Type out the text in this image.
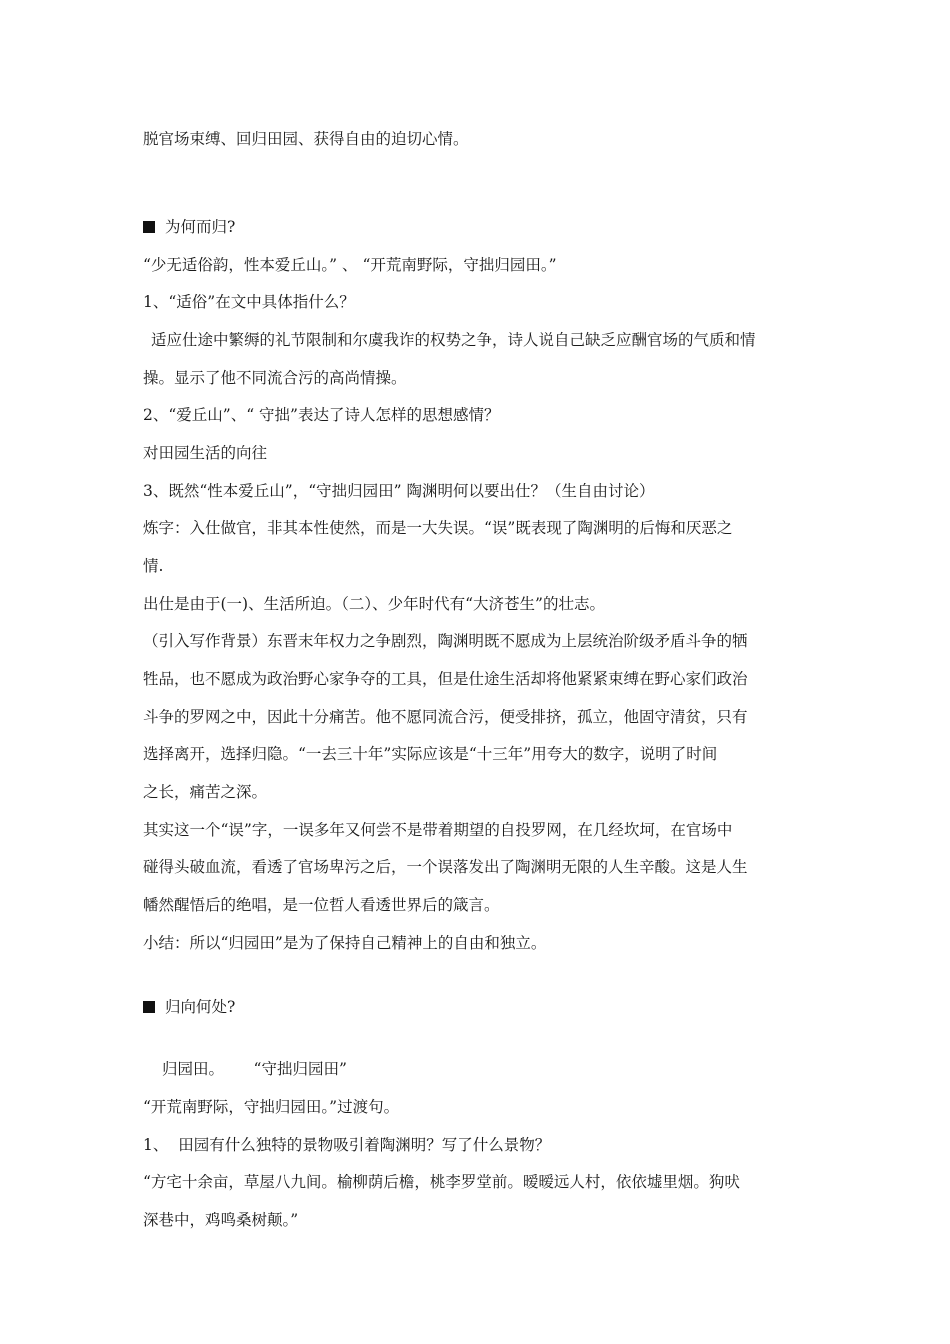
脱官场束缚、回归田园、获得自由的迫切心情。
为何而归?
“少无适俗韵，性本爱丘山。” 、 “开荒南野际，守拙归园田。”
1、“适俗”在文中具体指什么？
适应仕途中繁缛的礼节限制和尔虞我诈的权势之争，诗人说自己缺乏应酬官场的气质和情
操。显示了他不同流合污的高尚情操。
2、“爱丘山”、“ 守拙”表达了诗人怎样的思想感情？
对田园生活的向往
3、既然“性本爱丘山”，“守拙归园田” 陶渊明何以要出仕？（生自由讨论）
炼字：入仕做官，非其本性使然，而是一大失误。“误”既表现了陶渊明的后悔和厌恶之
情.
出仕是由于(一)、生活所迫。（二）、少年时代有“大济苍生”的壮志。
（引入写作背景）东晋末年权力之争剧烈，陶渊明既不愿成为上层统治阶级矛盾斗争的牺
牲品，也不愿成为政治野心家争夺的工具，但是仕途生活却将他紧紧束缚在野心家们政治
斗争的罗网之中，因此十分痛苦。他不愿同流合污，便受排挤，孤立，他固守清贫，只有
选择离开，选择归隐。“一去三十年”实际应该是“十三年”用夸大的数字，说明了时间
之长，痛苦之深。
其实这一个“误”字，一误多年又何尝不是带着期望的自投罗网，在几经坎坷，在官场中
碰得头破血流，看透了官场卑污之后，一个误落发出了陶渊明无限的人生辛酸。这是人生
幡然醒悟后的绝唱，是一位哲人看透世界后的箴言。
小结：所以“归园田”是为了保持自己精神上的自由和独立。
归向何处?
归园田。      “守拙归园田”
“开荒南野际，守拙归园田。”过渡句。
1、  田园有什么独特的景物吸引着陶渊明？写了什么景物？
“方宅十余亩，草屋八九间。榆柳荫后檐，桃李罗堂前。暧暧远人村，依依墟里烟。狗吠
深巷中，鸡鸣桑树颠。”
